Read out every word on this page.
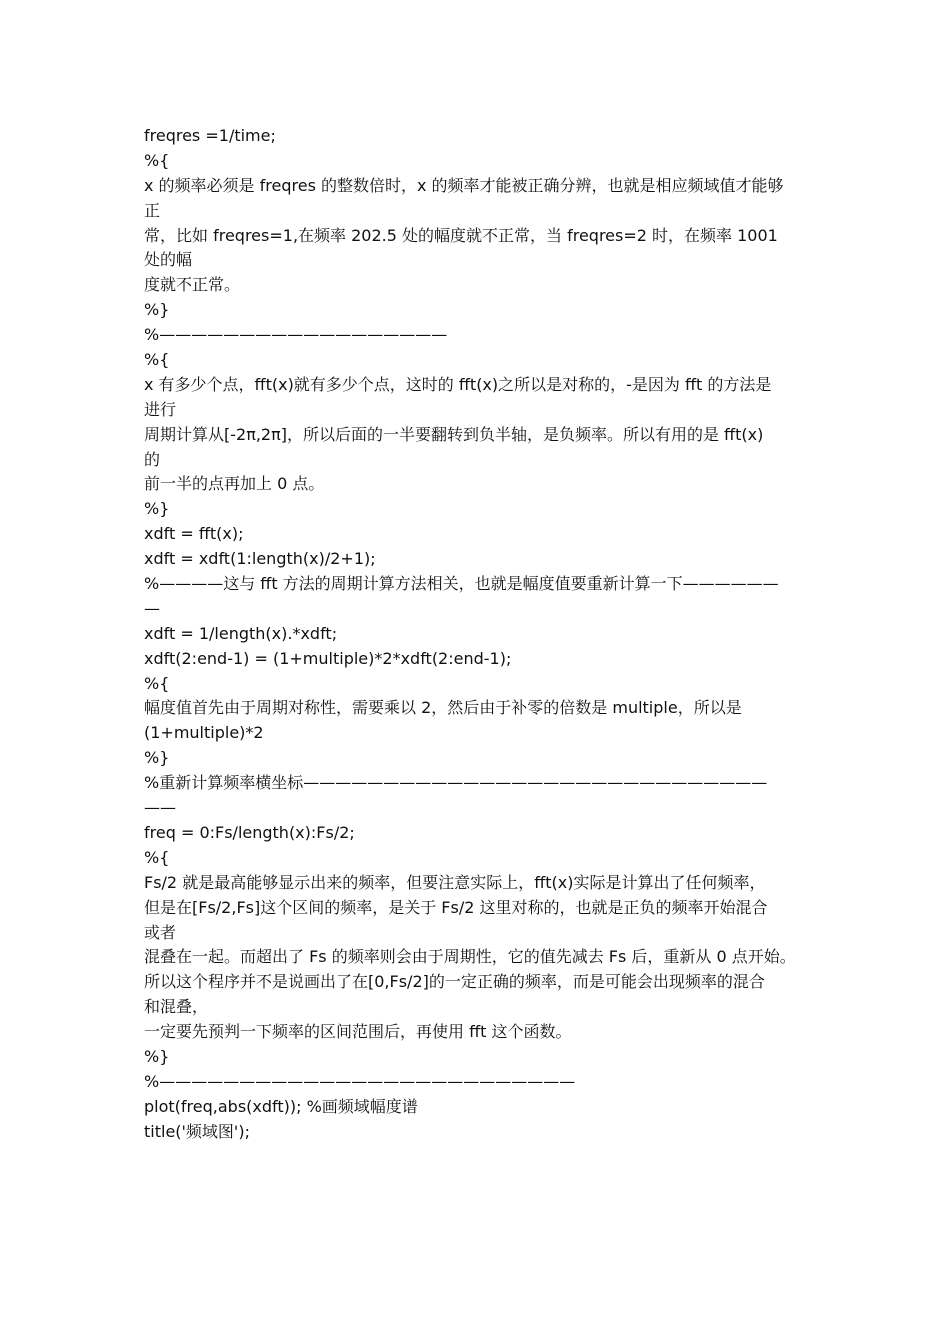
freqres =1/time;
%{
x 的频率必须是 freqres 的整数倍时，x 的频率才能被正确分辨，也就是相应频域值才能够
正
常，比如 freqres=1,在频率 202.5 处的幅度就不正常，当 freqres=2 时，在频率 1001
处的幅
度就不正常。
%}
%——————————————————
%{
x 有多少个点，fft(x)就有多少个点，这时的 fft(x)之所以是对称的，-是因为 fft 的方法是
进行
周期计算从[-2π,2π]，所以后面的一半要翻转到负半轴，是负频率。所以有用的是 fft(x)
的
前一半的点再加上 0 点。
%}
xdft = fft(x);
xdft = xdft(1:length(x)/2+1);
%————这与 fft 方法的周期计算方法相关，也就是幅度值要重新计算一下——————
—
xdft = 1/length(x).*xdft;
xdft(2:end-1) = (1+multiple)*2*xdft(2:end-1);
%{
幅度值首先由于周期对称性，需要乘以 2，然后由于补零的倍数是 multiple，所以是
(1+multiple)*2
%}
%重新计算频率横坐标—————————————————————————————
——
freq = 0:Fs/length(x):Fs/2;
%{
Fs/2 就是最高能够显示出来的频率，但要注意实际上，fft(x)实际是计算出了任何频率，
但是在[Fs/2,Fs]这个区间的频率，是关于 Fs/2 这里对称的，也就是正负的频率开始混合
或者
混叠在一起。而超出了 Fs 的频率则会由于周期性，它的值先减去 Fs 后，重新从 0 点开始。
所以这个程序并不是说画出了在[0,Fs/2]的一定正确的频率，而是可能会出现频率的混合
和混叠，
一定要先预判一下频率的区间范围后，再使用 fft 这个函数。
%}
%——————————————————————————
plot(freq,abs(xdft)); %画频域幅度谱
title('频域图');
